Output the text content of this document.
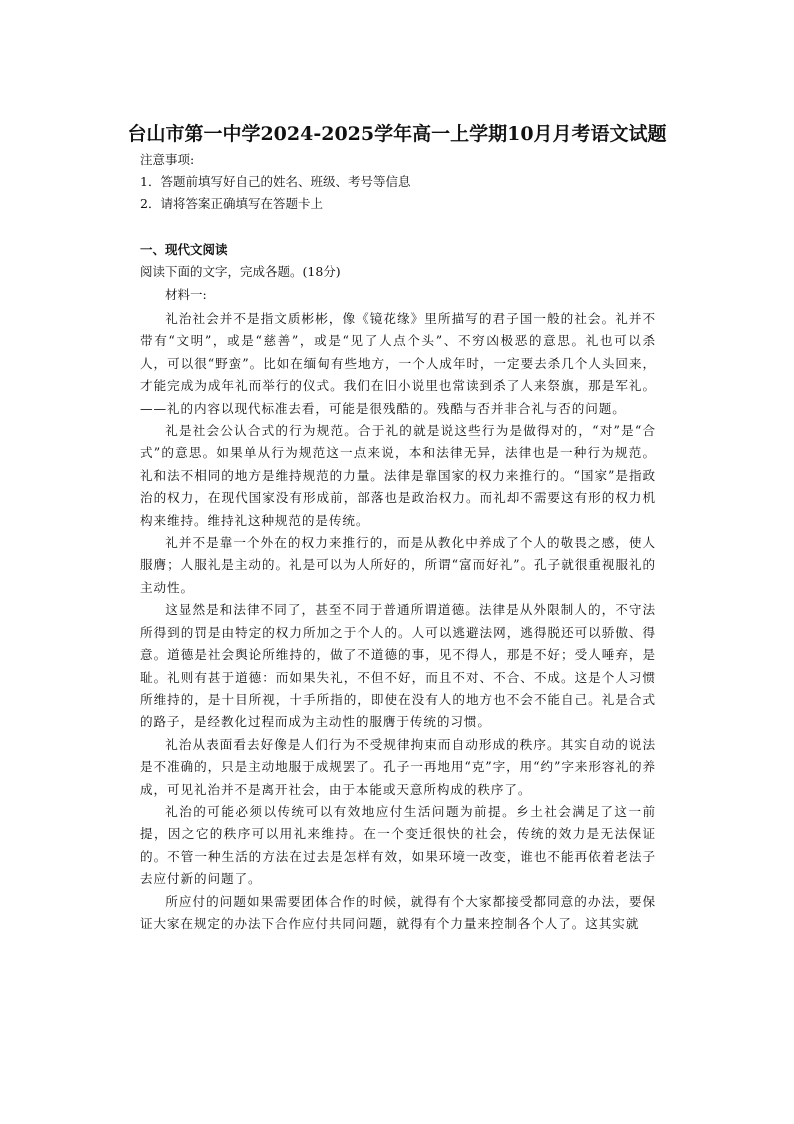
台山市第一中学2024-2025学年高一上学期10月月考语文试题
注意事项:
1．答题前填写好自己的姓名、班级、考号等信息
2．请将答案正确填写在答题卡上
一、现代文阅读
阅读下面的文字，完成各题。(18分)
材料一:

礼治社会并不是指文质彬彬，像《镜花缘》里所描写的君子国一般的社会。礼并不带有“文明”，或是“慈善”，或是“见了人点个头”、不穷凶极恶的意思。礼也可以杀人，可以很“野蛮”。比如在缅甸有些地方，一个人成年时，一定要去杀几个人头回来，才能完成为成年礼而举行的仪式。我们在旧小说里也常读到杀了人来祭旗，那是军礼。——礼的内容以现代标准去看，可能是很残酷的。残酷与否并非合礼与否的问题。

礼是社会公认合式的行为规范。合于礼的就是说这些行为是做得对的，“对”是“合式”的意思。如果单从行为规范这一点来说，本和法律无异，法律也是一种行为规范。礼和法不相同的地方是维持规范的力量。法律是靠国家的权力来推行的。“国家”是指政治的权力，在现代国家没有形成前，部落也是政治权力。而礼却不需要这有形的权力机构来维持。维持礼这种规范的是传统。

礼并不是靠一个外在的权力来推行的，而是从教化中养成了个人的敬畏之感，使人服膺；人服礼是主动的。礼是可以为人所好的，所谓“富而好礼”。孔子就很重视服礼的主动性。

这显然是和法律不同了，甚至不同于普通所谓道德。法律是从外限制人的，不守法所得到的罚是由特定的权力所加之于个人的。人可以逃避法网，逃得脱还可以骄傲、得意。道德是社会舆论所维持的，做了不道德的事，见不得人，那是不好；受人唾弃，是耻。礼则有甚于道德：而如果失礼，不但不好，而且不对、不合、不成。这是个人习惯所维持的，是十目所视，十手所指的，即使在没有人的地方也不会不能自己。礼是合式的路子，是经教化过程而成为主动性的服膺于传统的习惯。

礼治从表面看去好像是人们行为不受规律拘束而自动形成的秩序。其实自动的说法是不准确的，只是主动地服于成规罢了。孔子一再地用“克”字，用“约”字来形容礼的养成，可见礼治并不是离开社会，由于本能或天意所构成的秩序了。

礼治的可能必须以传统可以有效地应付生活问题为前提。乡土社会满足了这一前提，因之它的秩序可以用礼来维持。在一个变迁很快的社会，传统的效力是无法保证的。不管一种生活的方法在过去是怎样有效，如果环境一改变，谁也不能再依着老法子去应付新的问题了。

所应付的问题如果需要团体合作的时候，就得有个大家都接受都同意的办法，要保证大家在规定的办法下合作应付共同问题，就得有个力量来控制各个人了。这其实就
